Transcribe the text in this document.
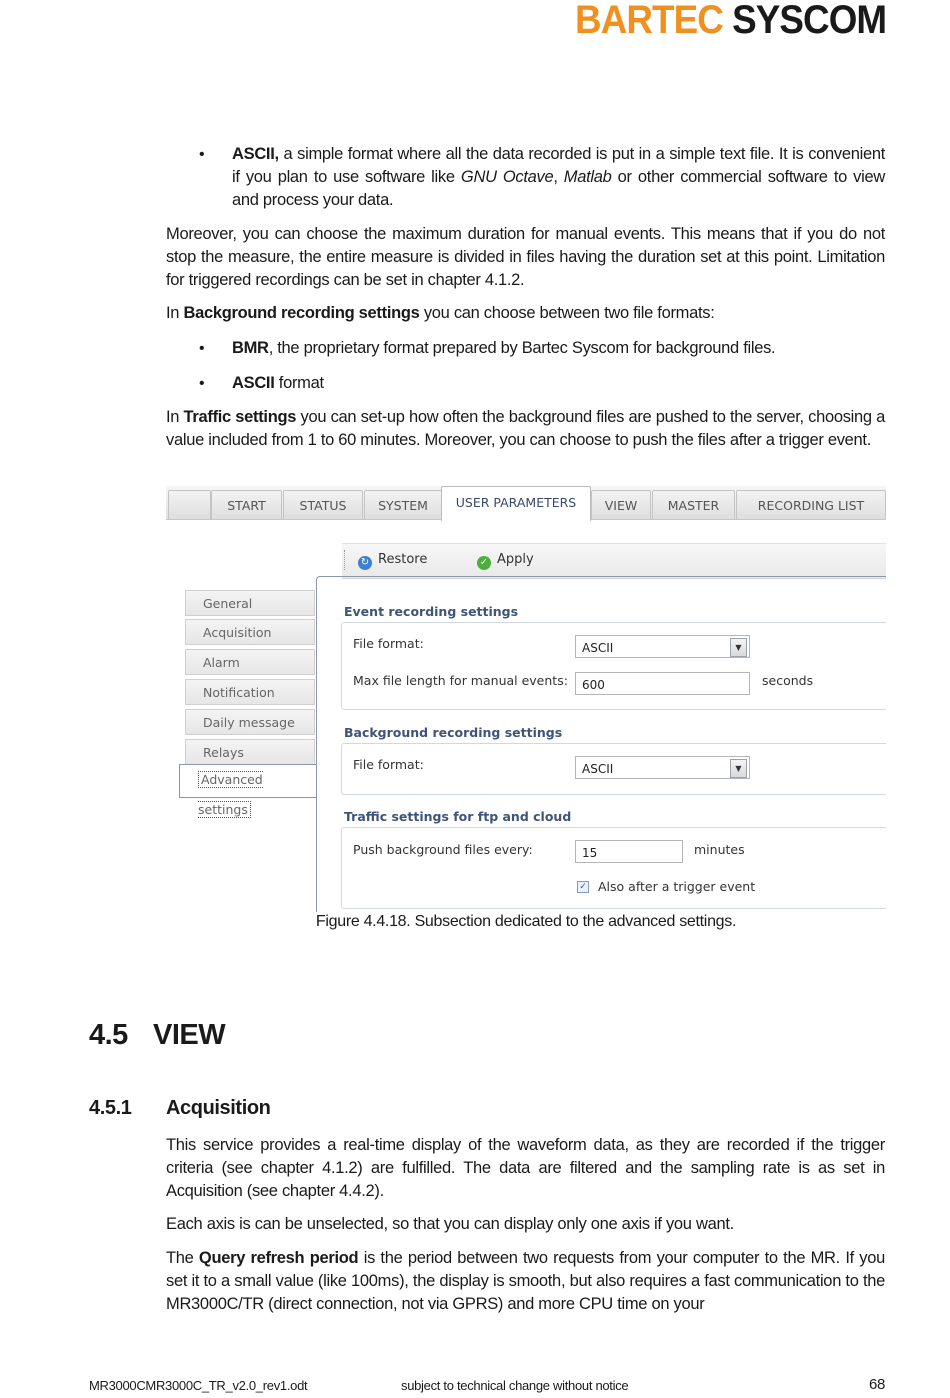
BARTEC SYSCOM
• ASCII, a simple format where all the data recorded is put in a simple text file. It is convenient if you plan to use software like GNU Octave, Matlab or other commercial software to view and process your data.
Moreover, you can choose the maximum duration for manual events. This means that if you do not stop the measure, the entire measure is divided in files having the duration set at this point. Limitation for triggered recordings can be set in chapter 4.1.2.
In Background recording settings you can choose between two file formats:
• BMR, the proprietary format prepared by Bartec Syscom for background files.
• ASCII format
In Traffic settings you can set-up how often the background files are pushed to the server, choosing a value included from 1 to 60 minutes. Moreover, you can choose to push the files after a trigger event.
START	STATUS	SYSTEM	USER PARAMETERS	VIEW	MASTER	RECORDING LIST
↻ Restore	✓ Apply
General
Acquisition
Alarm
Notification
Daily message
Relays
Advanced settings
Event recording settings
File format:	ASCII	▼
Max file length for manual events:	600	seconds
Background recording settings
File format:	ASCII	▼
Traffic settings for ftp and cloud
Push background files every:	15	minutes
✓ Also after a trigger event
Figure 4.4.18. Subsection dedicated to the advanced settings.
4.5 VIEW
4.5.1 Acquisition
This service provides a real-time display of the waveform data, as they are recorded if the trigger criteria (see chapter 4.1.2) are fulfilled. The data are filtered and the sampling rate is as set in Acquisition (see chapter 4.4.2).
Each axis is can be unselected, so that you can display only one axis if you want.
The Query refresh period is the period between two requests from your computer to the MR. If you set it to a small value (like 100ms), the display is smooth, but also requires a fast communication to the MR3000C/TR (direct connection, not via GPRS) and more CPU time on your
MR3000CMR3000C_TR_v2.0_rev1.odt	subject to technical change without notice	68
